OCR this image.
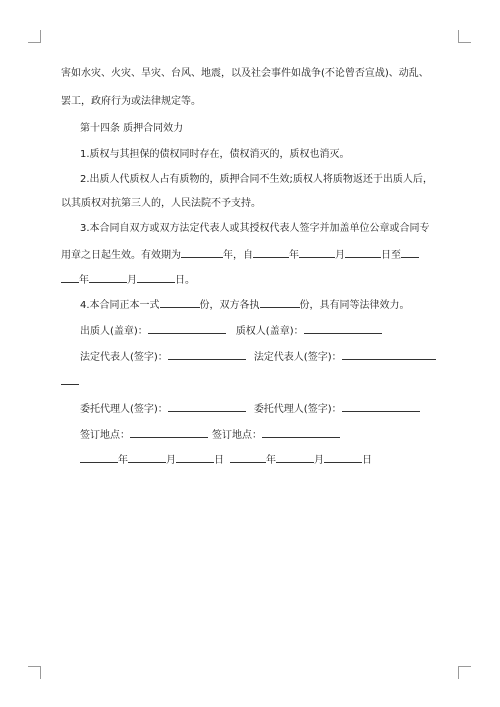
害如水灾、火灾、旱灾、台风、地震，以及社会事件如战争(不论曾否宣战)、动乱、
罢工，政府行为或法律规定等。
第十四条 质押合同效力
1.质权与其担保的债权同时存在，债权消灭的，质权也消灭。
2.出质人代质权人占有质物的，质押合同不生效;质权人将质物返还于出质人后，
以其质权对抗第三人的，人民法院不予支持。
3.本合同自双方或双方法定代表人或其授权代表人签字并加盖单位公章或合同专
用章之日起生效。有效期为	年，自	年	月	日至
年	月	日。
4.本合同正本一式	份，双方各执	份，具有同等法律效力。
出质人(盖章)：	质权人(盖章)：
法定代表人(签字)：	法定代表人(签字)：
委托代理人(签字)：	委托代理人(签字)：
签订地点：	签订地点：
年	月	日	年	月	日
